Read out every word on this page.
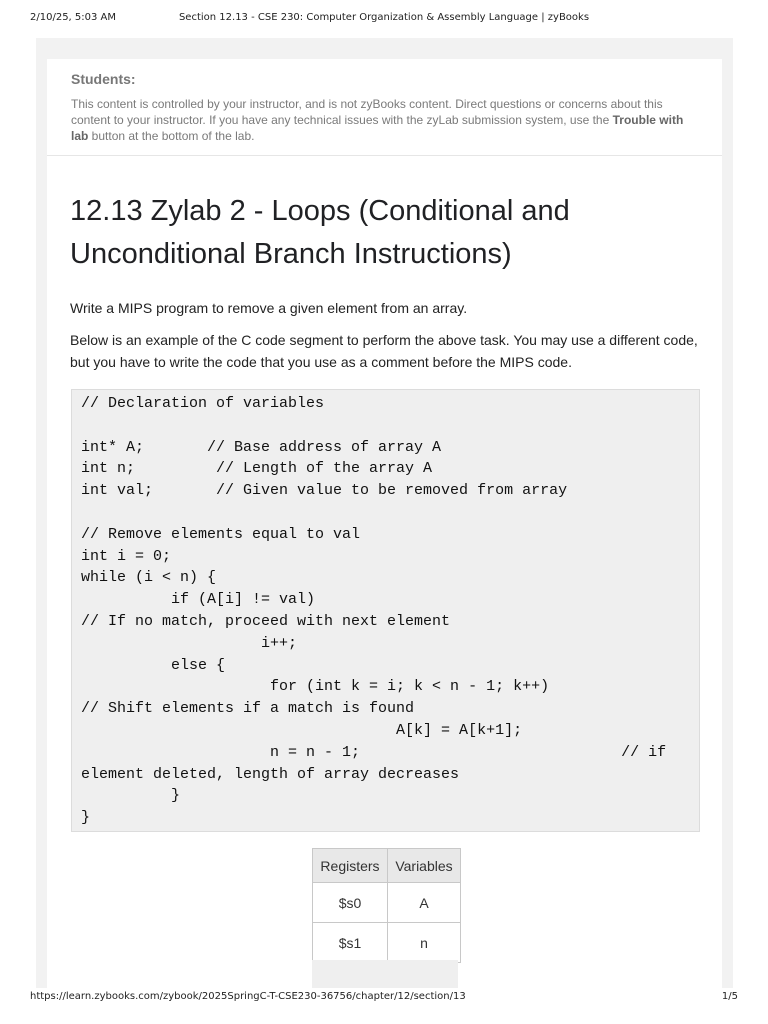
2/10/25, 5:03 AM	Section 12.13 - CSE 230: Computer Organization & Assembly Language | zyBooks
Students:
This content is controlled by your instructor, and is not zyBooks content. Direct questions or concerns about this content to your instructor. If you have any technical issues with the zyLab submission system, use the Trouble with lab button at the bottom of the lab.
12.13 Zylab 2 - Loops (Conditional and Unconditional Branch Instructions)

Write a MIPS program to remove a given element from an array.

Below is an example of the C code segment to perform the above task. You may use a different code, but you have to write the code that you use as a comment before the MIPS code.

// Declaration of variables

int* A;       // Base address of array A
int n;         // Length of the array A
int val;       // Given value to be removed from array

// Remove elements equal to val
int i = 0;
while (i < n) {
if (A[i] != val)
// If no match, proceed with next element
i++;
else {
for (int k = i; k < n - 1; k++)
// Shift elements if a match is found
A[k] = A[k+1];
n = n - 1;                             // if
element deleted, length of array decreases
}
}
Registers	Variables
$s0	A
$s1	n
https://learn.zybooks.com/zybook/2025SpringC-T-CSE230-36756/chapter/12/section/13	1/5
